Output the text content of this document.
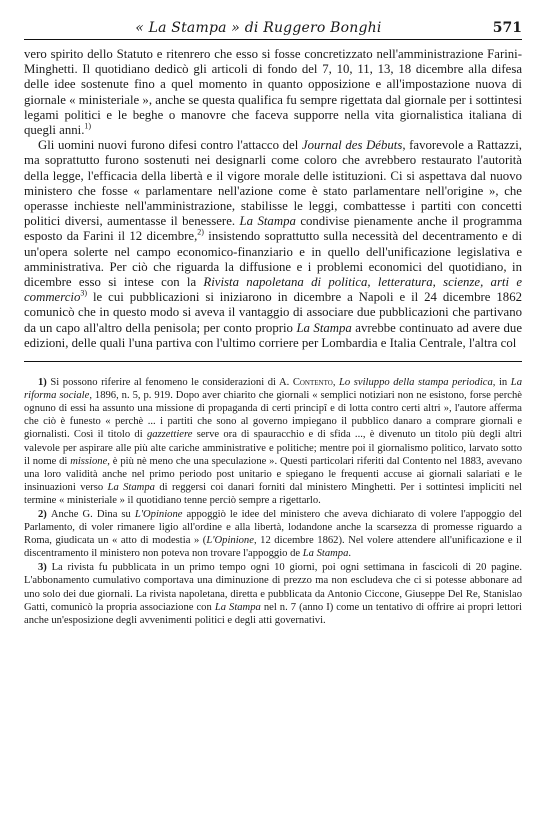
« La Stampa » di Ruggero Bonghi	571

vero spirito dello Statuto e ritenrero che esso si fosse concretizzato nell'amministrazione Farini-Minghetti. Il quotidiano dedicò gli articoli di fondo del 7, 10, 11, 13, 18 dicembre alla difesa delle idee sostenute fino a quel momento in quanto opposizione e all'impostazione nuova di giornale « ministeriale », anche se questa qualifica fu sempre rigettata dal giornale per i sottintesi legami politici e le beghe o manovre che faceva supporre nella vita giornalistica italiana di quegli anni.$^{1)}$

Gli uomini nuovi furono difesi contro l'attacco del Journal des Débuts, favorevole a Rattazzi, ma soprattutto furono sostenuti nei designarli come coloro che avrebbero restaurato l'autorità della legge, l'efficacia della libertà e il vigore morale delle istituzioni. Ci si aspettava dal nuovo ministero che fosse « parlamentare nell'azione come è stato parlamentare nell'origine », che operasse inchieste nell'amministrazione, stabilisse le leggi, combattesse i partiti con concetti politici diversi, aumentasse il benessere. La Stampa condivise pienamente anche il programma esposto da Farini il 12 dicembre,$^{2)}$ insistendo soprattutto sulla necessità del decentramento e di un'opera solerte nel campo economico-finanziario e in quello dell'unificazione legislativa e amministrativa. Per ciò che riguarda la diffusione e i problemi economici del quotidiano, in dicembre esso si intese con la Rivista napoletana di politica, letteratura, scienze, arti e commercio$^{3)}$ le cui pubblicazioni si iniziarono in dicembre a Napoli e il 24 dicembre 1862 comunicò che in questo modo si aveva il vantaggio di associare due pubblicazioni che partivano da un capo all'altro della penisola; per conto proprio La Stampa avrebbe continuato ad avere due edizioni, delle quali l'una partiva con l'ultimo corriere per Lombardia e Italia Centrale, l'altra col

1) Si possono riferire al fenomeno le considerazioni di A. Contento, Lo sviluppo della stampa periodica, in La riforma sociale, 1896, n. 5, p. 919. Dopo aver chiarito che giornali « semplici notiziari non ne esistono, forse perchè ognuno di essi ha assunto una missione di propaganda di certi principî e di lotta contro certi altri », l'autore afferma che ciò è funesto « perchè ... i partiti che sono al governo impiegano il pubblico danaro a comprare giornali e giornalisti. Così il titolo di gazzettiere serve ora di spauracchio e di sfida ..., è divenuto un titolo più degli altri valevole per aspirare alle più alte cariche amministrative e politiche; mentre poi il giornalismo politico, larvato sotto il nome di missione, è più nè meno che una speculazione ». Questi particolari riferiti dal Contento nel 1883, avevano una loro validità anche nel primo periodo post unitario e spiegano le frequenti accuse ai giornali salariati e le insinuazioni verso La Stampa di reggersi coi danari forniti dal ministero Minghetti. Per i sottintesi impliciti nel termine « ministeriale » il quotidiano tenne perciò sempre a rigettarlo.

2) Anche G. Dina su L'Opinione appoggiò le idee del ministero che aveva dichiarato di volere l'appoggio del Parlamento, di voler rimanere ligio all'ordine e alla libertà, lodandone anche la scarsezza di promesse riguardo a Roma, giudicata un « atto di modestia » (L'Opinione, 12 dicembre 1862). Nel volere attendere all'unificazione e il discentramento il ministero non poteva non trovare l'appoggio de La Stampa.

3) La rivista fu pubblicata in un primo tempo ogni 10 giorni, poi ogni settimana in fascicoli di 20 pagine. L'abbonamento cumulativo comportava una diminuzione di prezzo ma non escludeva che ci si potesse abbonare ad uno solo dei due giornali. La rivista napoletana, diretta e pubblicata da Antonio Ciccone, Giuseppe Del Re, Stanislao Gatti, comunicò la propria associazione con La Stampa nel n. 7 (anno I) come un tentativo di offrire ai propri lettori anche un'esposizione degli avvenimenti politici e degli atti governativi.
